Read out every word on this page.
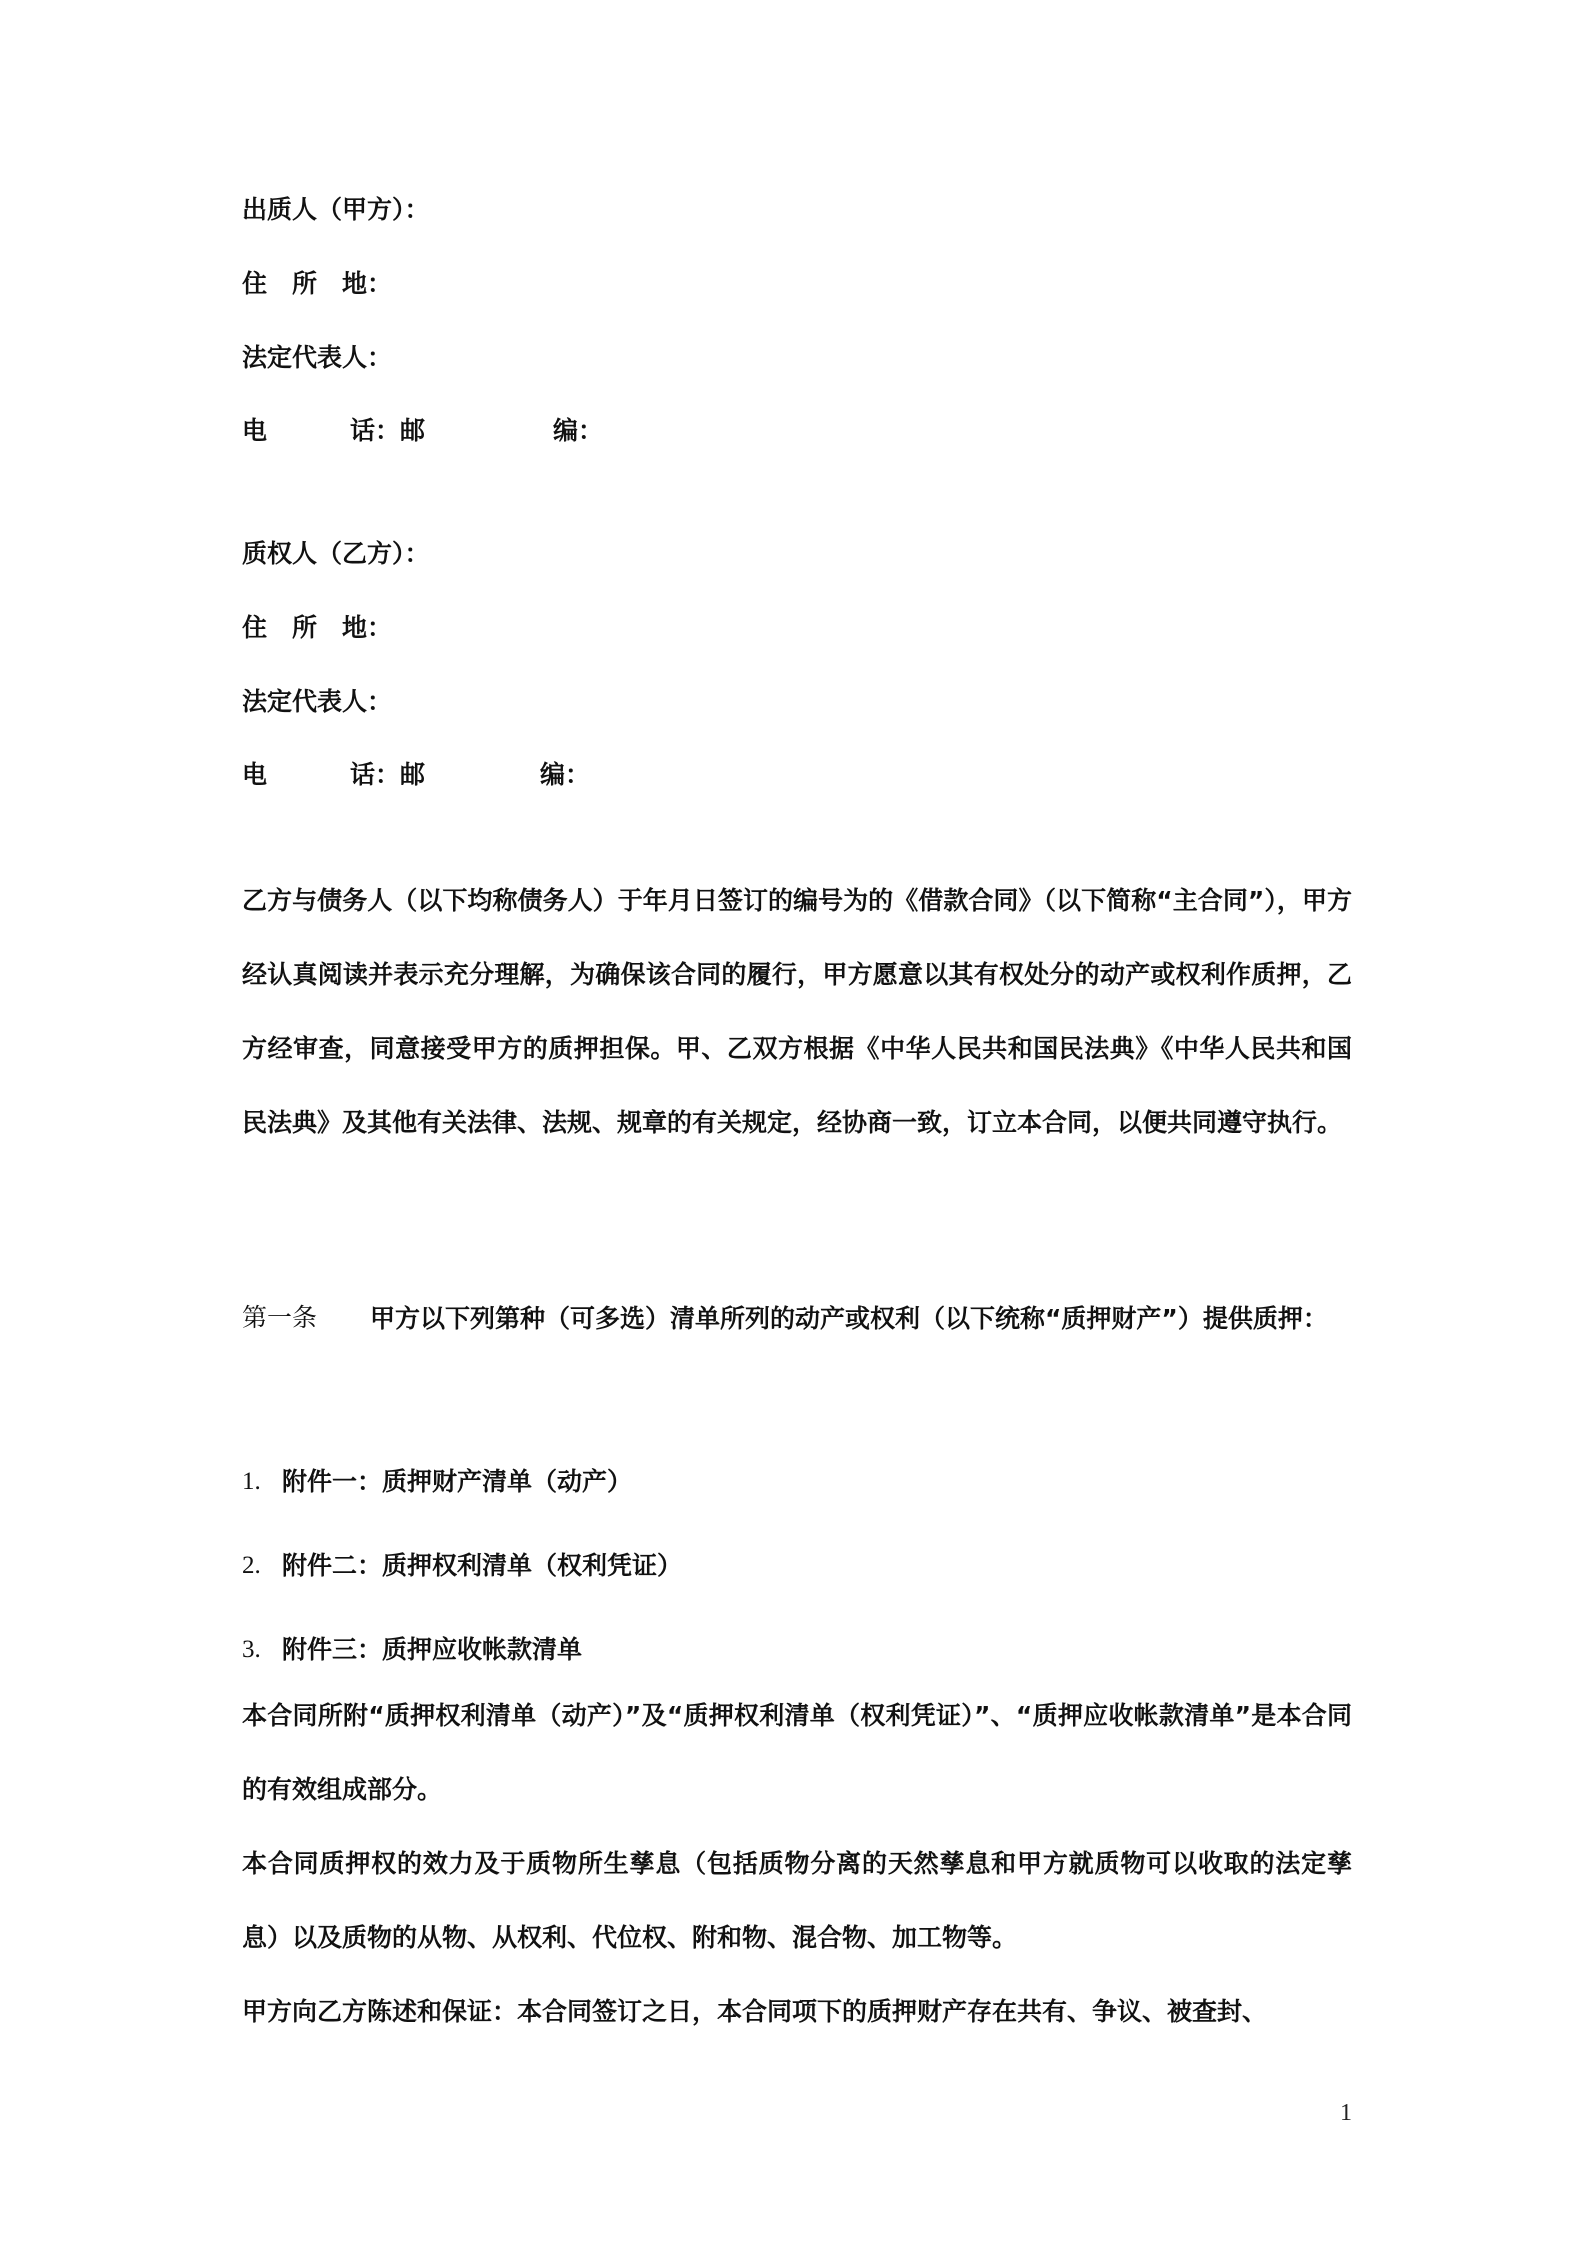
出质人（甲方）：
住　所　地：
法定代表人：
电	话：邮	编：
质权人（乙方）：
住　所　地：
法定代表人：
电	话：邮	编：
乙方与债务人（以下均称债务人）于年月日签订的编号为的《借款合同》（以下简称“主合同”），甲方经认真阅读并表示充分理解，为确保该合同的履行，甲方愿意以其有权处分的动产或权利作质押，乙方经审查，同意接受甲方的质押担保。甲、乙双方根据《中华人民共和国民法典》《中华人民共和国民法典》及其他有关法律、法规、规章的有关规定，经协商一致，订立本合同，以便共同遵守执行。
第一条	甲方以下列第种（可多选）清单所列的动产或权利（以下统称“质押财产”）提供质押：
1. 附件一：质押财产清单（动产）
2. 附件二：质押权利清单（权利凭证）
3. 附件三：质押应收帐款清单
本合同所附“质押权利清单（动产）”及“质押权利清单（权利凭证）”、“质押应收帐款清单”是本合同的有效组成部分。
本合同质押权的效力及于质物所生孳息（包括质物分离的天然孳息和甲方就质物可以收取的法定孳息）以及质物的从物、从权利、代位权、附和物、混合物、加工物等。
甲方向乙方陈述和保证：本合同签订之日，本合同项下的质押财产存在共有、争议、被查封、
1
